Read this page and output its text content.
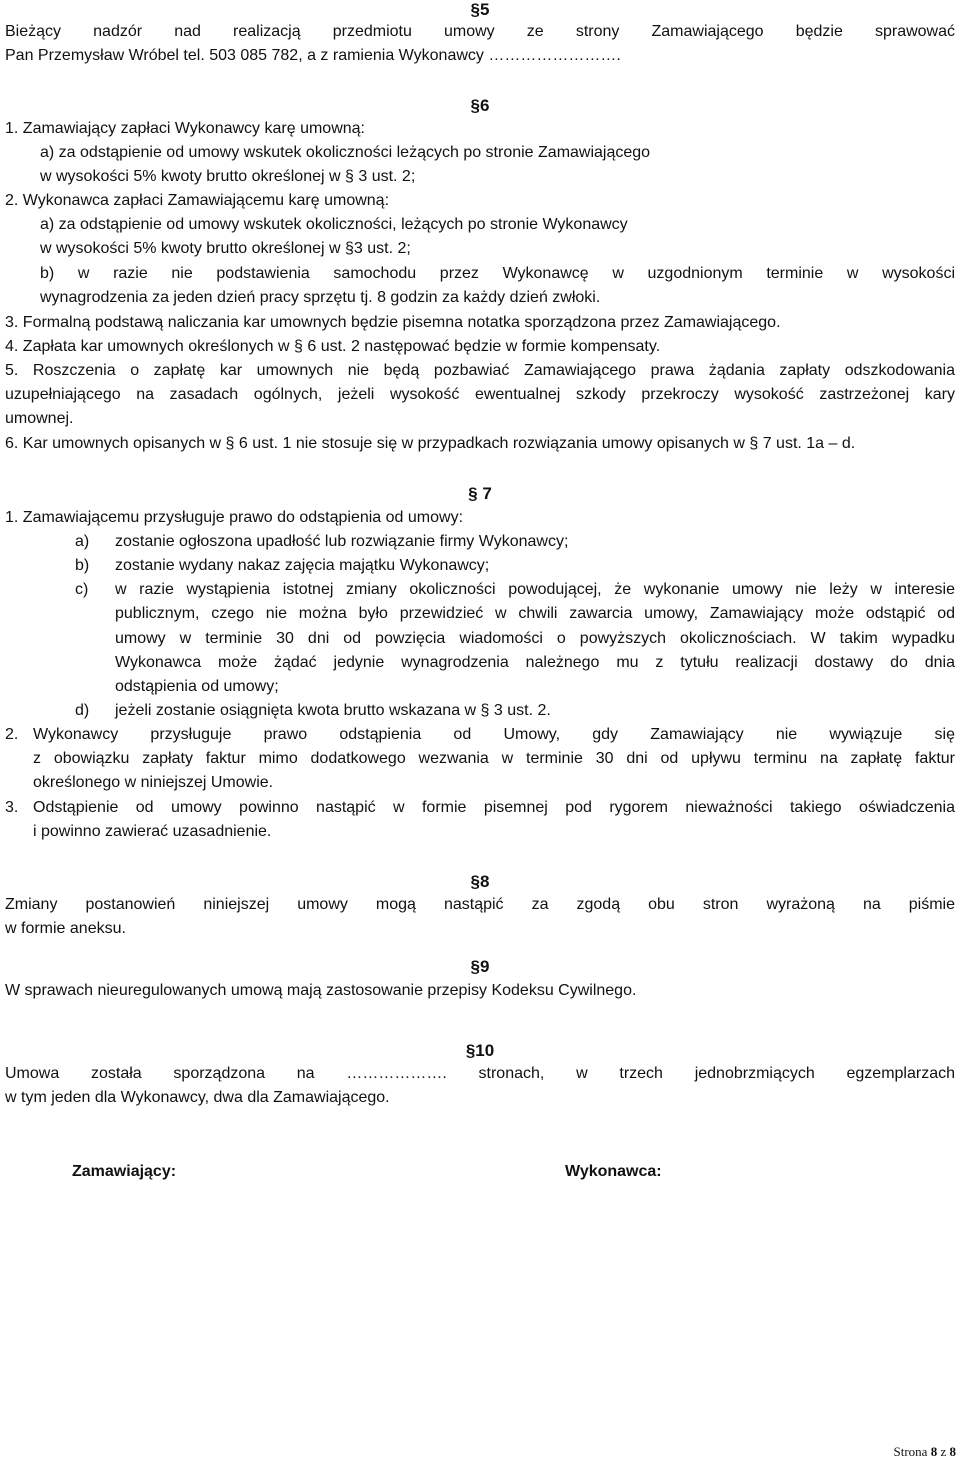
§5
Bieżący nadzór nad realizacją przedmiotu umowy ze strony Zamawiającego będzie sprawować
Pan Przemysław Wróbel tel. 503 085 782, a z ramienia Wykonawcy …………………….
§6
1. Zamawiający zapłaci Wykonawcy karę umowną:
a) za odstąpienie od umowy wskutek okoliczności leżących po stronie Zamawiającego
w wysokości 5% kwoty brutto określonej w § 3 ust. 2;
2. Wykonawca zapłaci Zamawiającemu karę umowną:
a) za odstąpienie od umowy wskutek okoliczności, leżących po stronie Wykonawcy
w wysokości 5% kwoty brutto określonej w §3 ust. 2;
b) w razie nie podstawienia samochodu przez Wykonawcę w uzgodnionym terminie w wysokości
wynagrodzenia za jeden dzień pracy sprzętu tj. 8 godzin za każdy dzień zwłoki.
3. Formalną podstawą naliczania kar umownych będzie pisemna notatka sporządzona przez Zamawiającego.
4. Zapłata kar umownych określonych w § 6 ust. 2 następować będzie w formie kompensaty.
5. Roszczenia o zapłatę kar umownych nie będą pozbawiać Zamawiającego prawa żądania zapłaty odszkodowania
uzupełniającego na zasadach ogólnych, jeżeli wysokość ewentualnej szkody przekroczy wysokość zastrzeżonej kary
umownej.
6. Kar umownych opisanych w § 6 ust. 1 nie stosuje się w przypadkach rozwiązania umowy opisanych w § 7 ust. 1a – d.
§ 7
1. Zamawiającemu przysługuje prawo do odstąpienia od umowy:
a) zostanie ogłoszona upadłość lub rozwiązanie firmy Wykonawcy;
b) zostanie wydany nakaz zajęcia majątku Wykonawcy;
c) w razie wystąpienia istotnej zmiany okoliczności powodującej, że wykonanie umowy nie leży w interesie
publicznym, czego nie można było przewidzieć w chwili zawarcia umowy, Zamawiający może odstąpić od
umowy w terminie 30 dni od powzięcia wiadomości o powyższych okolicznościach. W takim wypadku
Wykonawca może żądać jedynie wynagrodzenia należnego mu z tytułu realizacji dostawy do dnia
odstąpienia od umowy;
d) jeżeli zostanie osiągnięta kwota brutto wskazana w § 3 ust. 2.
2. Wykonawcy przysługuje prawo odstąpienia od Umowy, gdy Zamawiający nie wywiązuje się
z obowiązku zapłaty faktur mimo dodatkowego wezwania w terminie 30 dni od upływu terminu na zapłatę faktur
określonego w niniejszej Umowie.
3. Odstąpienie od umowy powinno nastąpić w formie pisemnej pod rygorem nieważności takiego oświadczenia
i powinno zawierać uzasadnienie.
§8
Zmiany postanowień niniejszej umowy mogą nastąpić za zgodą obu stron wyrażoną na piśmie
w formie aneksu.
§9
W sprawach nieuregulowanych umową mają zastosowanie przepisy Kodeksu Cywilnego.
§10
Umowa została sporządzona na ………………. stronach, w trzech jednobrzmiących egzemplarzach
w tym jeden dla Wykonawcy, dwa dla Zamawiającego.
Zamawiający:	Wykonawca:
Strona 8 z 8
